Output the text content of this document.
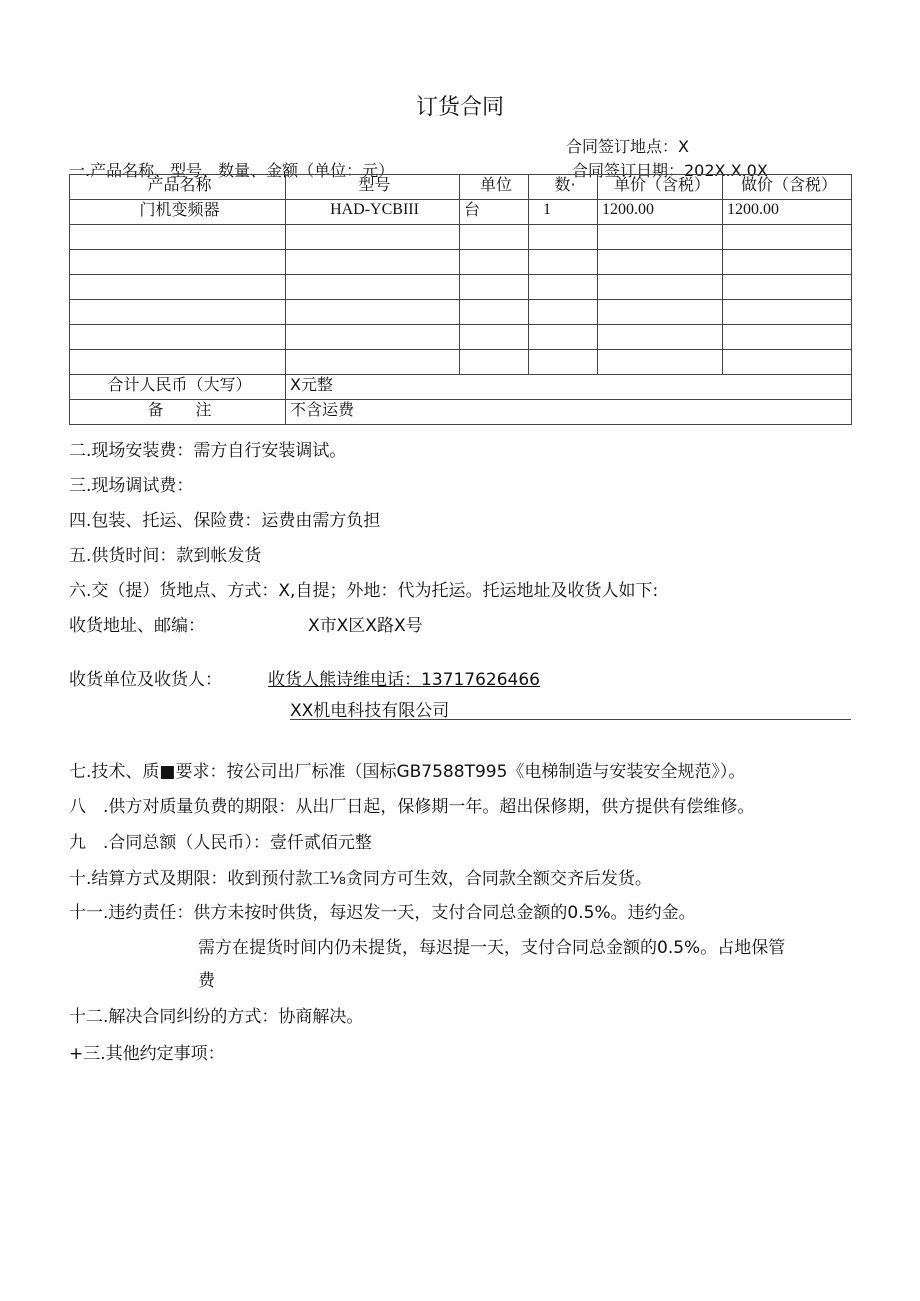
订货合同
合同签订地点：X
一.产品名称、型号、数量、金额（单位：元）	合同签订日期：202X.X.0X
产品名称	型号	单位	数·	单价（含税）	做价（含税）
门机变频器	HAD-YCBIII	台	1	1200.00	1200.00

合计人民币（大写）	X元整				
备　　注	不含运费				
二.现场安装费：需方自行安装调试。
三.现场调试费：
四.包装、托运、保险费：运费由需方负担
五.供货时间：款到帐发货
六.交（提）货地点、方式：X,自提；外地：代为托运。托运地址及收货人如下:
收货地址、邮编：	X市X区X路X号
收货单位及收货人：	收货人熊诗维电话：13717626466
XX机电科技有限公司
七.技术、质■要求：按公司出厂标准（国标GB7588T995《电梯制造与安装安全规范》）。
八　.供方对质量负费的期限：从出厂日起，保修期一年。超出保修期，供方提供有偿维修。
九　.合同总额（人民币）：壹仟贰佰元整
十.结算方式及期限：收到预付款工⅛贪同方可生效，合同款全额交齐后发货。
十一.违约责任：供方未按时供货，每迟发一天，支付合同总金额的0.5%。违约金。
需方在提货时间内仍未提货，每迟提一天，支付合同总金额的0.5%。占地保管
费
十二.解决合同纠纷的方式：协商解决。
+三.其他约定事项：
